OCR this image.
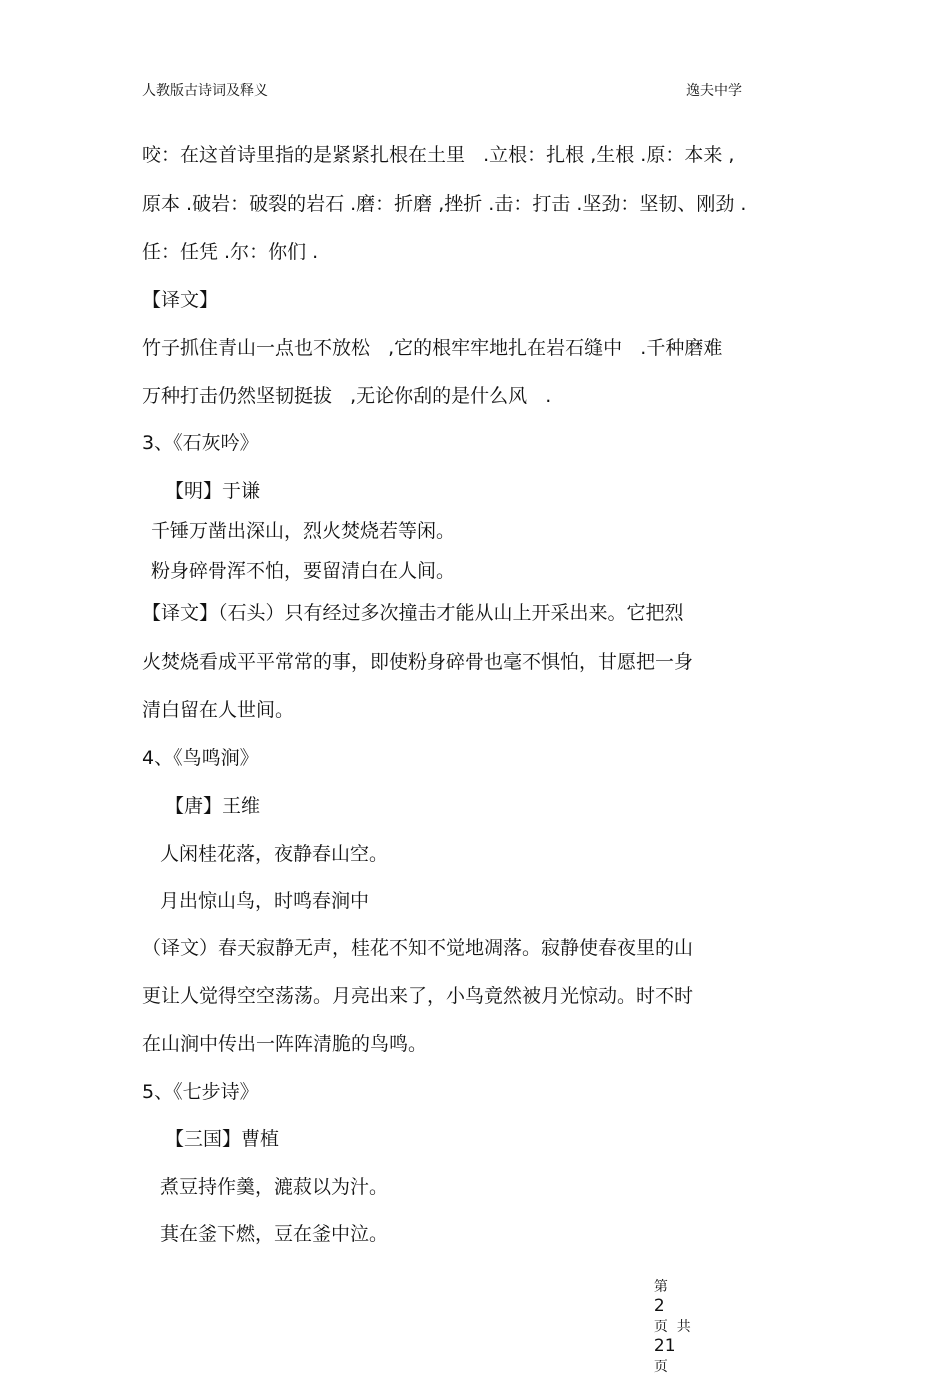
人教版古诗词及释义	逸夫中学
咬：在这首诗里指的是紧紧扎根在土里   .立根：扎根 ,生根 .原：本来 ,
原本 .破岩：破裂的岩石 .磨：折磨 ,挫折 .击：打击 .坚劲：坚韧、刚劲 .
任：任凭 .尔：你们 .
【译文】
竹子抓住青山一点也不放松   ,它的根牢牢地扎在岩石缝中   .千种磨难
万种打击仍然坚韧挺拔   ,无论你刮的是什么风   .
3、《石灰吟》
【明】于谦
千锤万凿出深山，烈火焚烧若等闲。
粉身碎骨浑不怕，要留清白在人间。
【译文】（石头）只有经过多次撞击才能从山上开采出来。它把烈
火焚烧看成平平常常的事，即使粉身碎骨也毫不惧怕，甘愿把一身
清白留在人世间。
4、《鸟鸣涧》
【唐】王维
人闲桂花落，夜静春山空。
月出惊山鸟，时鸣春涧中
（译文）春天寂静无声，桂花不知不觉地凋落。寂静使春夜里的山
更让人觉得空空荡荡。月亮出来了，小鸟竟然被月光惊动。时不时
在山涧中传出一阵阵清脆的鸟鸣。
5、《七步诗》
【三国】曹植
煮豆持作羹，漉菽以为汁。
萁在釜下燃，豆在釜中泣。

第
2
页  共
21
页
